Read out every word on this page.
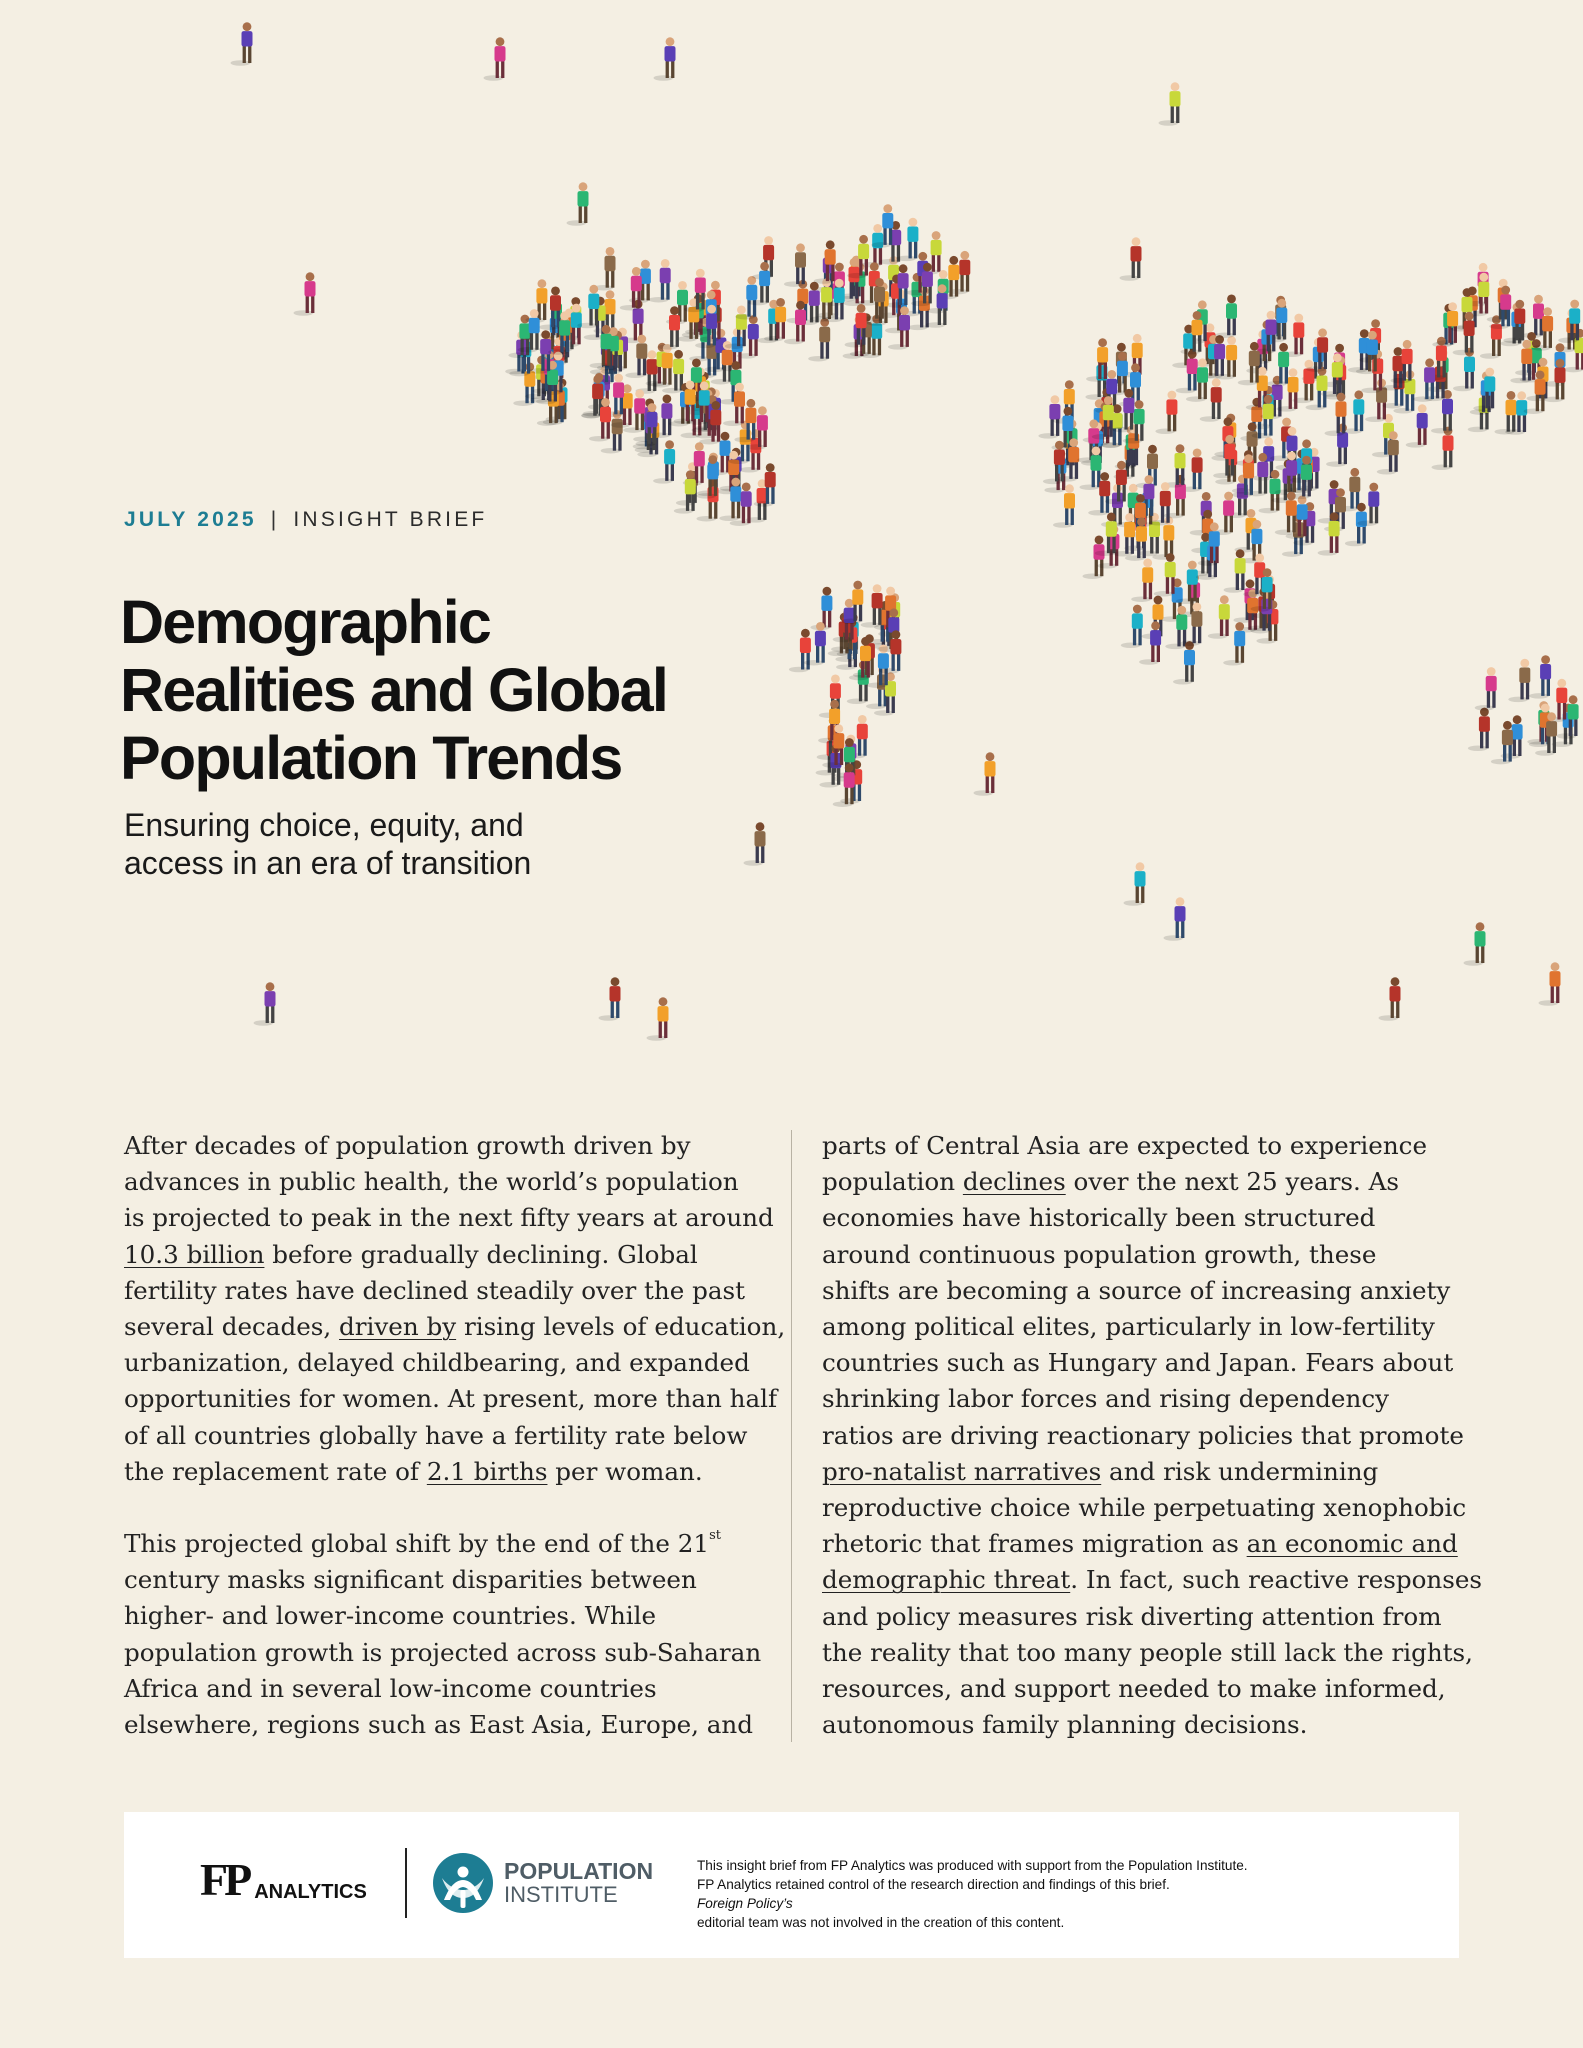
JULY 2025 | INSIGHT BRIEF
Demographic
Realities and Global
Population Trends
Ensuring choice, equity, and
access in an era of transition

After decades of population growth driven by
advances in public health, the world’s population
is projected to peak in the next fifty years at around
10.3 billion before gradually declining. Global
fertility rates have declined steadily over the past
several decades, driven by rising levels of education,
urbanization, delayed childbearing, and expanded
opportunities for women. At present, more than half
of all countries globally have a fertility rate below
the replacement rate of 2.1 births per woman.

This projected global shift by the end of the 21st
century masks significant disparities between
higher- and lower-income countries. While
population growth is projected across sub-Saharan
Africa and in several low-income countries
elsewhere, regions such as East Asia, Europe, and

parts of Central Asia are expected to experience
population declines over the next 25 years. As
economies have historically been structured
around continuous population growth, these
shifts are becoming a source of increasing anxiety
among political elites, particularly in low-fertility
countries such as Hungary and Japan. Fears about
shrinking labor forces and rising dependency
ratios are driving reactionary policies that promote
pro-natalist narratives and risk undermining
reproductive choice while perpetuating xenophobic
rhetoric that frames migration as an economic and
demographic threat. In fact, such reactive responses
and policy measures risk diverting attention from
the reality that too many people still lack the rights,
resources, and support needed to make informed,
autonomous family planning decisions.

FP ANALYTICS
POPULATION
INSTITUTE
This insight brief from FP Analytics was produced with support from the Population Institute.
FP Analytics retained control of the research direction and findings of this brief.
Foreign Policy’s
editorial team was not involved in the creation of this content.
